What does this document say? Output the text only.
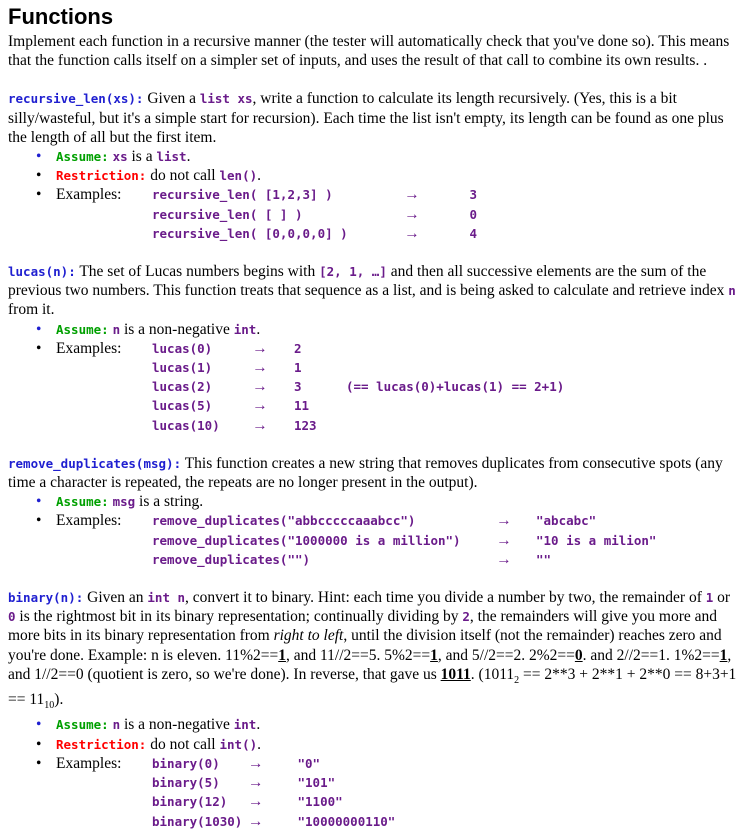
Functions

Implement each function in a recursive manner (the tester will automatically check that you've done so). This means that the function calls itself on a simpler set of inputs, and uses the result of that call to combine its own results. .

recursive_len(xs): Given a list xs, write a function to calculate its length recursively. (Yes, this is a bit silly/wasteful, but it's a simple start for recursion). Each time the list isn't empty, its length can be found as one plus the length of all but the first item.

• Assume: xs is a list.
• Restriction: do not call len().
• Examples:	recursive_len( [1,2,3] )	→	3
recursive_len( [ ] )	→	0
recursive_len( [0,0,0,0] )	→	4

lucas(n): The set of Lucas numbers begins with [2, 1, …] and then all successive elements are the sum of the previous two numbers. This function treats that sequence as a list, and is being asked to calculate and retrieve index n from it.

• Assume: n is a non-negative int.
• Examples:	lucas(0)	→	2	
lucas(1)	→	1	
lucas(2)	→	3	(== lucas(0)+lucas(1) == 2+1)
lucas(5)	→	11	
lucas(10)	→	123	

remove_duplicates(msg): This function creates a new string that removes duplicates from consecutive spots (any time a character is repeated, the repeats are no longer present in the output).

• Assume: msg is a string.
• Examples:	remove_duplicates("abbcccccaaabcc")	→	"abcabc"
remove_duplicates("1000000 is a million")	→	"10 is a milion"
remove_duplicates("")	→	""

binary(n): Given an int n, convert it to binary. Hint: each time you divide a number by two, the remainder of 1 or 0 is the rightmost bit in its binary representation; continually dividing by 2, the remainders will give you more and more bits in its binary representation from right to left, until the division itself (not the remainder) reaches zero and you're done. Example: n is eleven. 11%2==1, and 11//2==5. 5%2==1, and 5//2==2. 2%2==0. and 2//2==1. 1%2==1, and 1//2==0 (quotient is zero, so we're done). In reverse, that gave us 1011. $(1011_2 == 2**3 + 2**1 + 2**0 == 8+3+1 == 11_{10})$.

• Assume: n is a non-negative int.
• Restriction: do not call int().
• Examples:	binary(0)	→	"0"
binary(5)	→	"101"
binary(12)	→	"1100"
binary(1030)	→	"10000000110"
